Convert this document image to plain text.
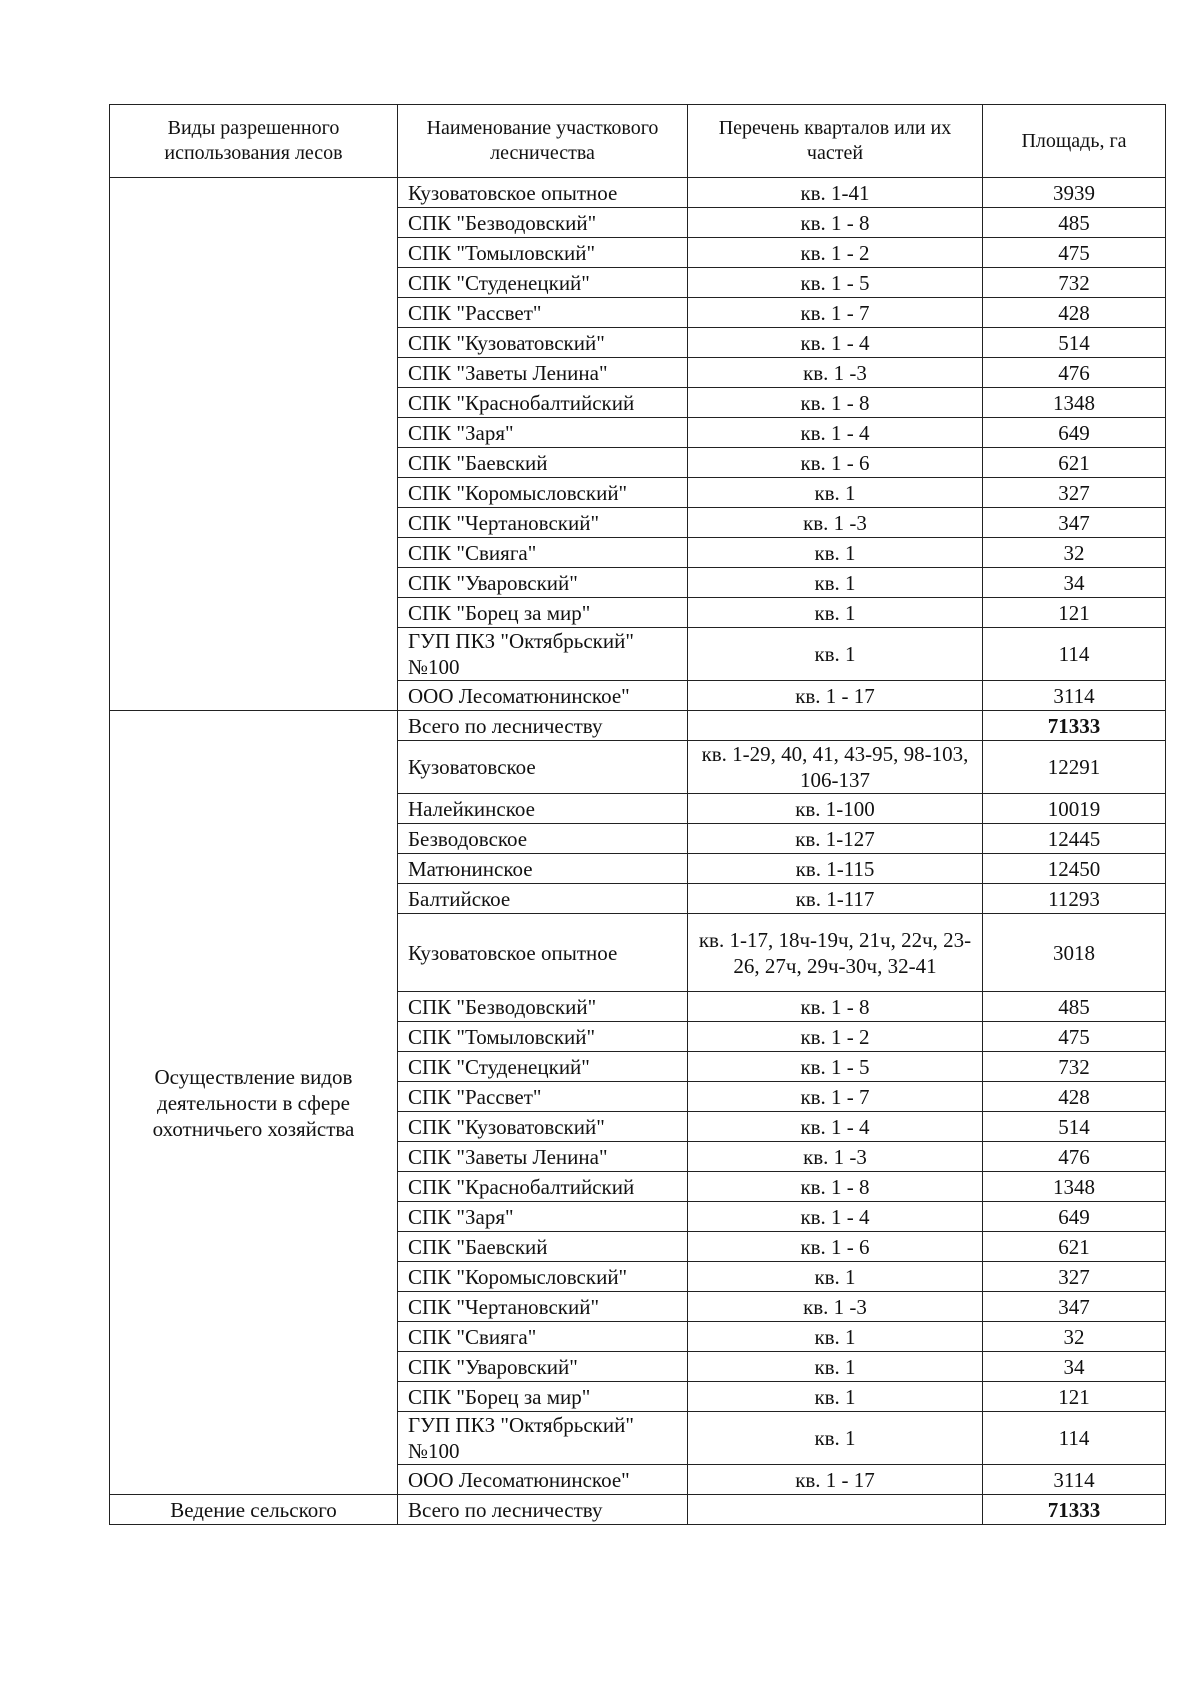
Виды разрешенного использования лесов	Наименование участкового лесничества	Перечень кварталов или их частей	Площадь, га
	Кузоватовское опытное	кв. 1-41	3939
	СПК "Безводовский"	кв. 1 - 8	485
	СПК "Томыловский"	кв. 1 - 2	475
	СПК "Студенецкий"	кв. 1 - 5	732
	СПК "Рассвет"	кв. 1 - 7	428
	СПК "Кузоватовский"	кв. 1 - 4	514
	СПК "Заветы Ленина"	кв. 1 -3	476
	СПК "Краснобалтийский	кв. 1 - 8	1348
	СПК "Заря"	кв. 1 - 4	649
	СПК "Баевский	кв. 1 - 6	621
	СПК "Коромысловский"	кв. 1	327
	СПК "Чертановский"	кв. 1 -3	347
	СПК "Свияга"	кв. 1	32
	СПК "Уваровский"	кв. 1	34
	СПК "Борец за мир"	кв. 1	121
	ГУП ПКЗ "Октябрьский" №100	кв. 1	114
	ООО Лесоматюнинское"	кв. 1 - 17	3114
Осуществление видов деятельности в сфере охотничьего хозяйства	Всего по лесничеству		71333
	Кузоватовское	кв. 1-29, 40, 41, 43-95, 98-103, 106-137	12291
	Налейкинское	кв. 1-100	10019
	Безводовское	кв. 1-127	12445
	Матюнинское	кв. 1-115	12450
	Балтийское	кв. 1-117	11293
	Кузоватовское опытное	кв. 1-17, 18ч-19ч, 21ч, 22ч, 23-26, 27ч, 29ч-30ч, 32-41	3018
	СПК "Безводовский"	кв. 1 - 8	485
	СПК "Томыловский"	кв. 1 - 2	475
	СПК "Студенецкий"	кв. 1 - 5	732
	СПК "Рассвет"	кв. 1 - 7	428
	СПК "Кузоватовский"	кв. 1 - 4	514
	СПК "Заветы Ленина"	кв. 1 -3	476
	СПК "Краснобалтийский	кв. 1 - 8	1348
	СПК "Заря"	кв. 1 - 4	649
	СПК "Баевский	кв. 1 - 6	621
	СПК "Коромысловский"	кв. 1	327
	СПК "Чертановский"	кв. 1 -3	347
	СПК "Свияга"	кв. 1	32
	СПК "Уваровский"	кв. 1	34
	СПК "Борец за мир"	кв. 1	121
	ГУП ПКЗ "Октябрьский" №100	кв. 1	114
	ООО Лесоматюнинское"	кв. 1 - 17	3114
Ведение сельского	Всего по лесничеству		71333
